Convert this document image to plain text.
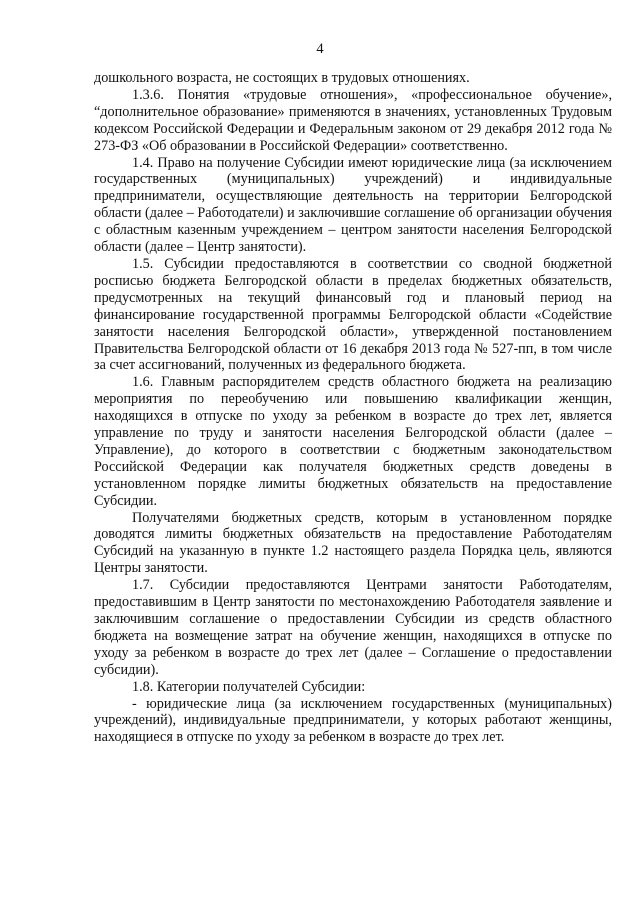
4

дошкольного возраста, не состоящих в трудовых отношениях.

1.3.6. Понятия «трудовые отношения», «профессиональное обучение», “дополнительное образование» применяются в значениях, установленных Трудовым кодексом Российской Федерации и Федеральным законом от 29 декабря 2012 года № 273-ФЗ «Об образовании в Российской Федерации» соответственно.

1.4. Право на получение Субсидии имеют юридические лица (за исключением государственных (муниципальных) учреждений) и индивидуальные предприниматели, осуществляющие деятельность на территории Белгородской области (далее – Работодатели) и заключившие соглашение об организации обучения с областным казенным учреждением – центром занятости населения Белгородской области (далее – Центр занятости).

1.5. Субсидии предоставляются в соответствии со сводной бюджетной росписью бюджета Белгородской области в пределах бюджетных обязательств, предусмотренных на текущий финансовый год и плановый период на финансирование государственной программы Белгородской области «Содействие занятости населения Белгородской области», утвержденной постановлением Правительства Белгородской области от 16 декабря 2013 года № 527-пп, в том числе за счет ассигнований, полученных из федерального бюджета.

1.6. Главным распорядителем средств областного бюджета на реализацию мероприятия по переобучению или повышению квалификации женщин, находящихся в отпуске по уходу за ребенком в возрасте до трех лет, является управление по труду и занятости населения Белгородской области (далее – Управление), до которого в соответствии с бюджетным законодательством Российской Федерации как получателя бюджетных средств доведены в установленном порядке лимиты бюджетных обязательств на предоставление Субсидии.

Получателями бюджетных средств, которым в установленном порядке доводятся лимиты бюджетных обязательств на предоставление Работодателям Субсидий на указанную в пункте 1.2 настоящего раздела Порядка цель, являются Центры занятости.

1.7. Субсидии предоставляются Центрами занятости Работодателям, предоставившим в Центр занятости по местонахождению Работодателя заявление и заключившим соглашение о предоставлении Субсидии из средств областного бюджета на возмещение затрат на обучение женщин, находящихся в отпуске по уходу за ребенком в возрасте до трех лет (далее – Соглашение о предоставлении субсидии).

1.8. Категории получателей Субсидии:

- юридические лица (за исключением государственных (муниципальных) учреждений), индивидуальные предприниматели, у которых работают женщины, находящиеся в отпуске по уходу за ребенком в возрасте до трех лет.
